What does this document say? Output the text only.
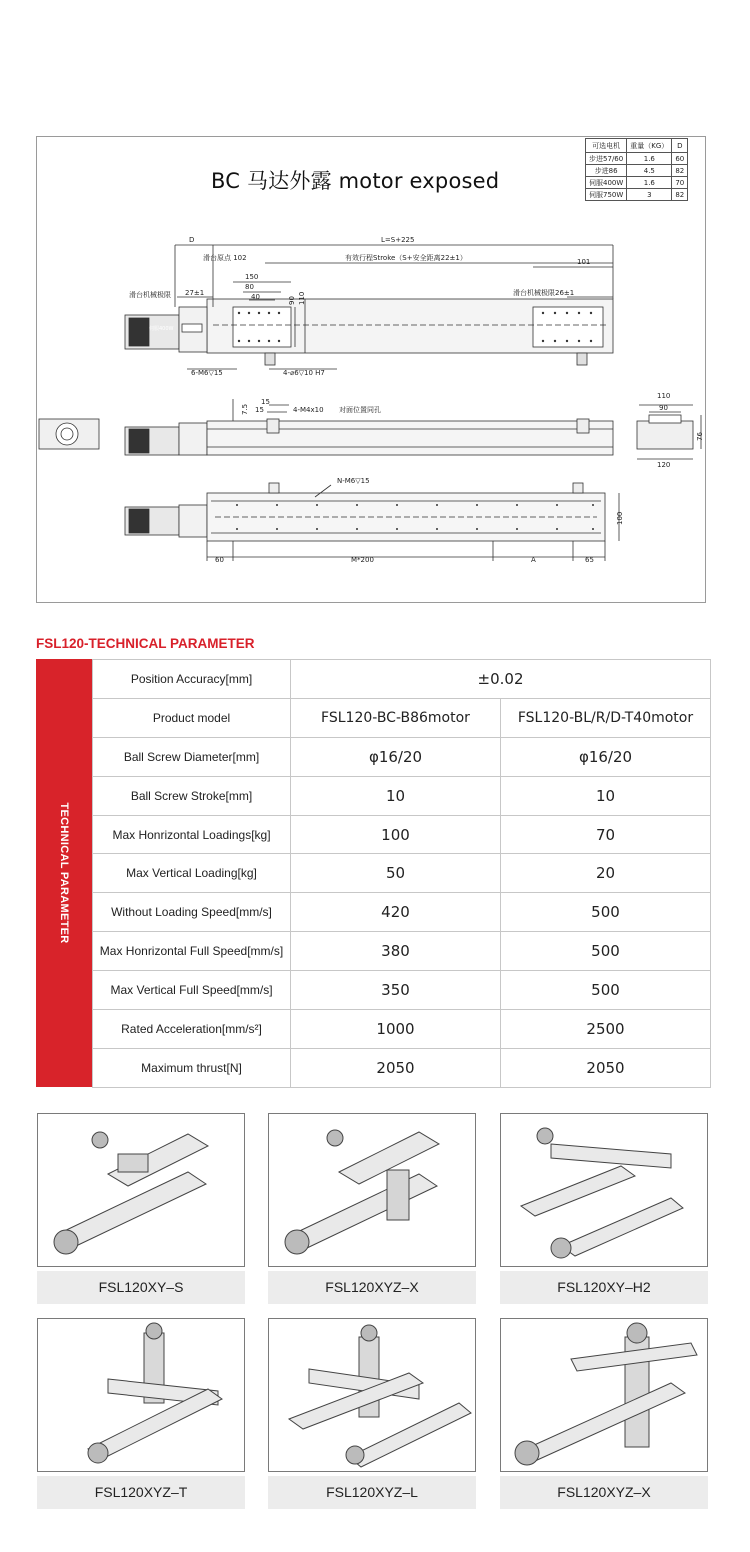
BC 马达外露 motor exposed
可选电机	重量（KG）	D
步进57/60	1.6	60
步进86	4.5	82
伺服400W	1.6	70
伺服750W	3	82
D	L=S+225
滑台原点 102	有效行程Stroke（S+安全距离22±1）	101
150
80
40	90 110
滑台机械极限 27±1	滑台机械极限26±1
6-M6▽15	4-⌀6▽10 H7
7.5
15
15	4-M4x10 对面位置同孔
N-M6▽15
110
90
120
76
60	M*200	A	65
100
伺服400W
FSL120-TECHNICAL PARAMETER
TECHNICAL PARAMETER
Position Accuracy[mm]	±0.02	
Product model	FSL120-BC-B86motor	FSL120-BL/R/D-T40motor
Ball Screw Diameter[mm]	φ16/20	φ16/20
Ball Screw Stroke[mm]	10	10
Max Honrizontal Loadings[kg]	100	70
Max Vertical Loading[kg]	50	20
Without Loading Speed[mm/s]	420	500
Max Honrizontal Full Speed[mm/s]	380	500
Max Vertical Full Speed[mm/s]	350	500
Rated Acceleration[mm/s²]	1000	2500
Maximum thrust[N]	2050	2050
FSL120XY–S	FSL120XYZ–X	FSL120XY–H2
FSL120XYZ–T	FSL120XYZ–L	FSL120XYZ–X
